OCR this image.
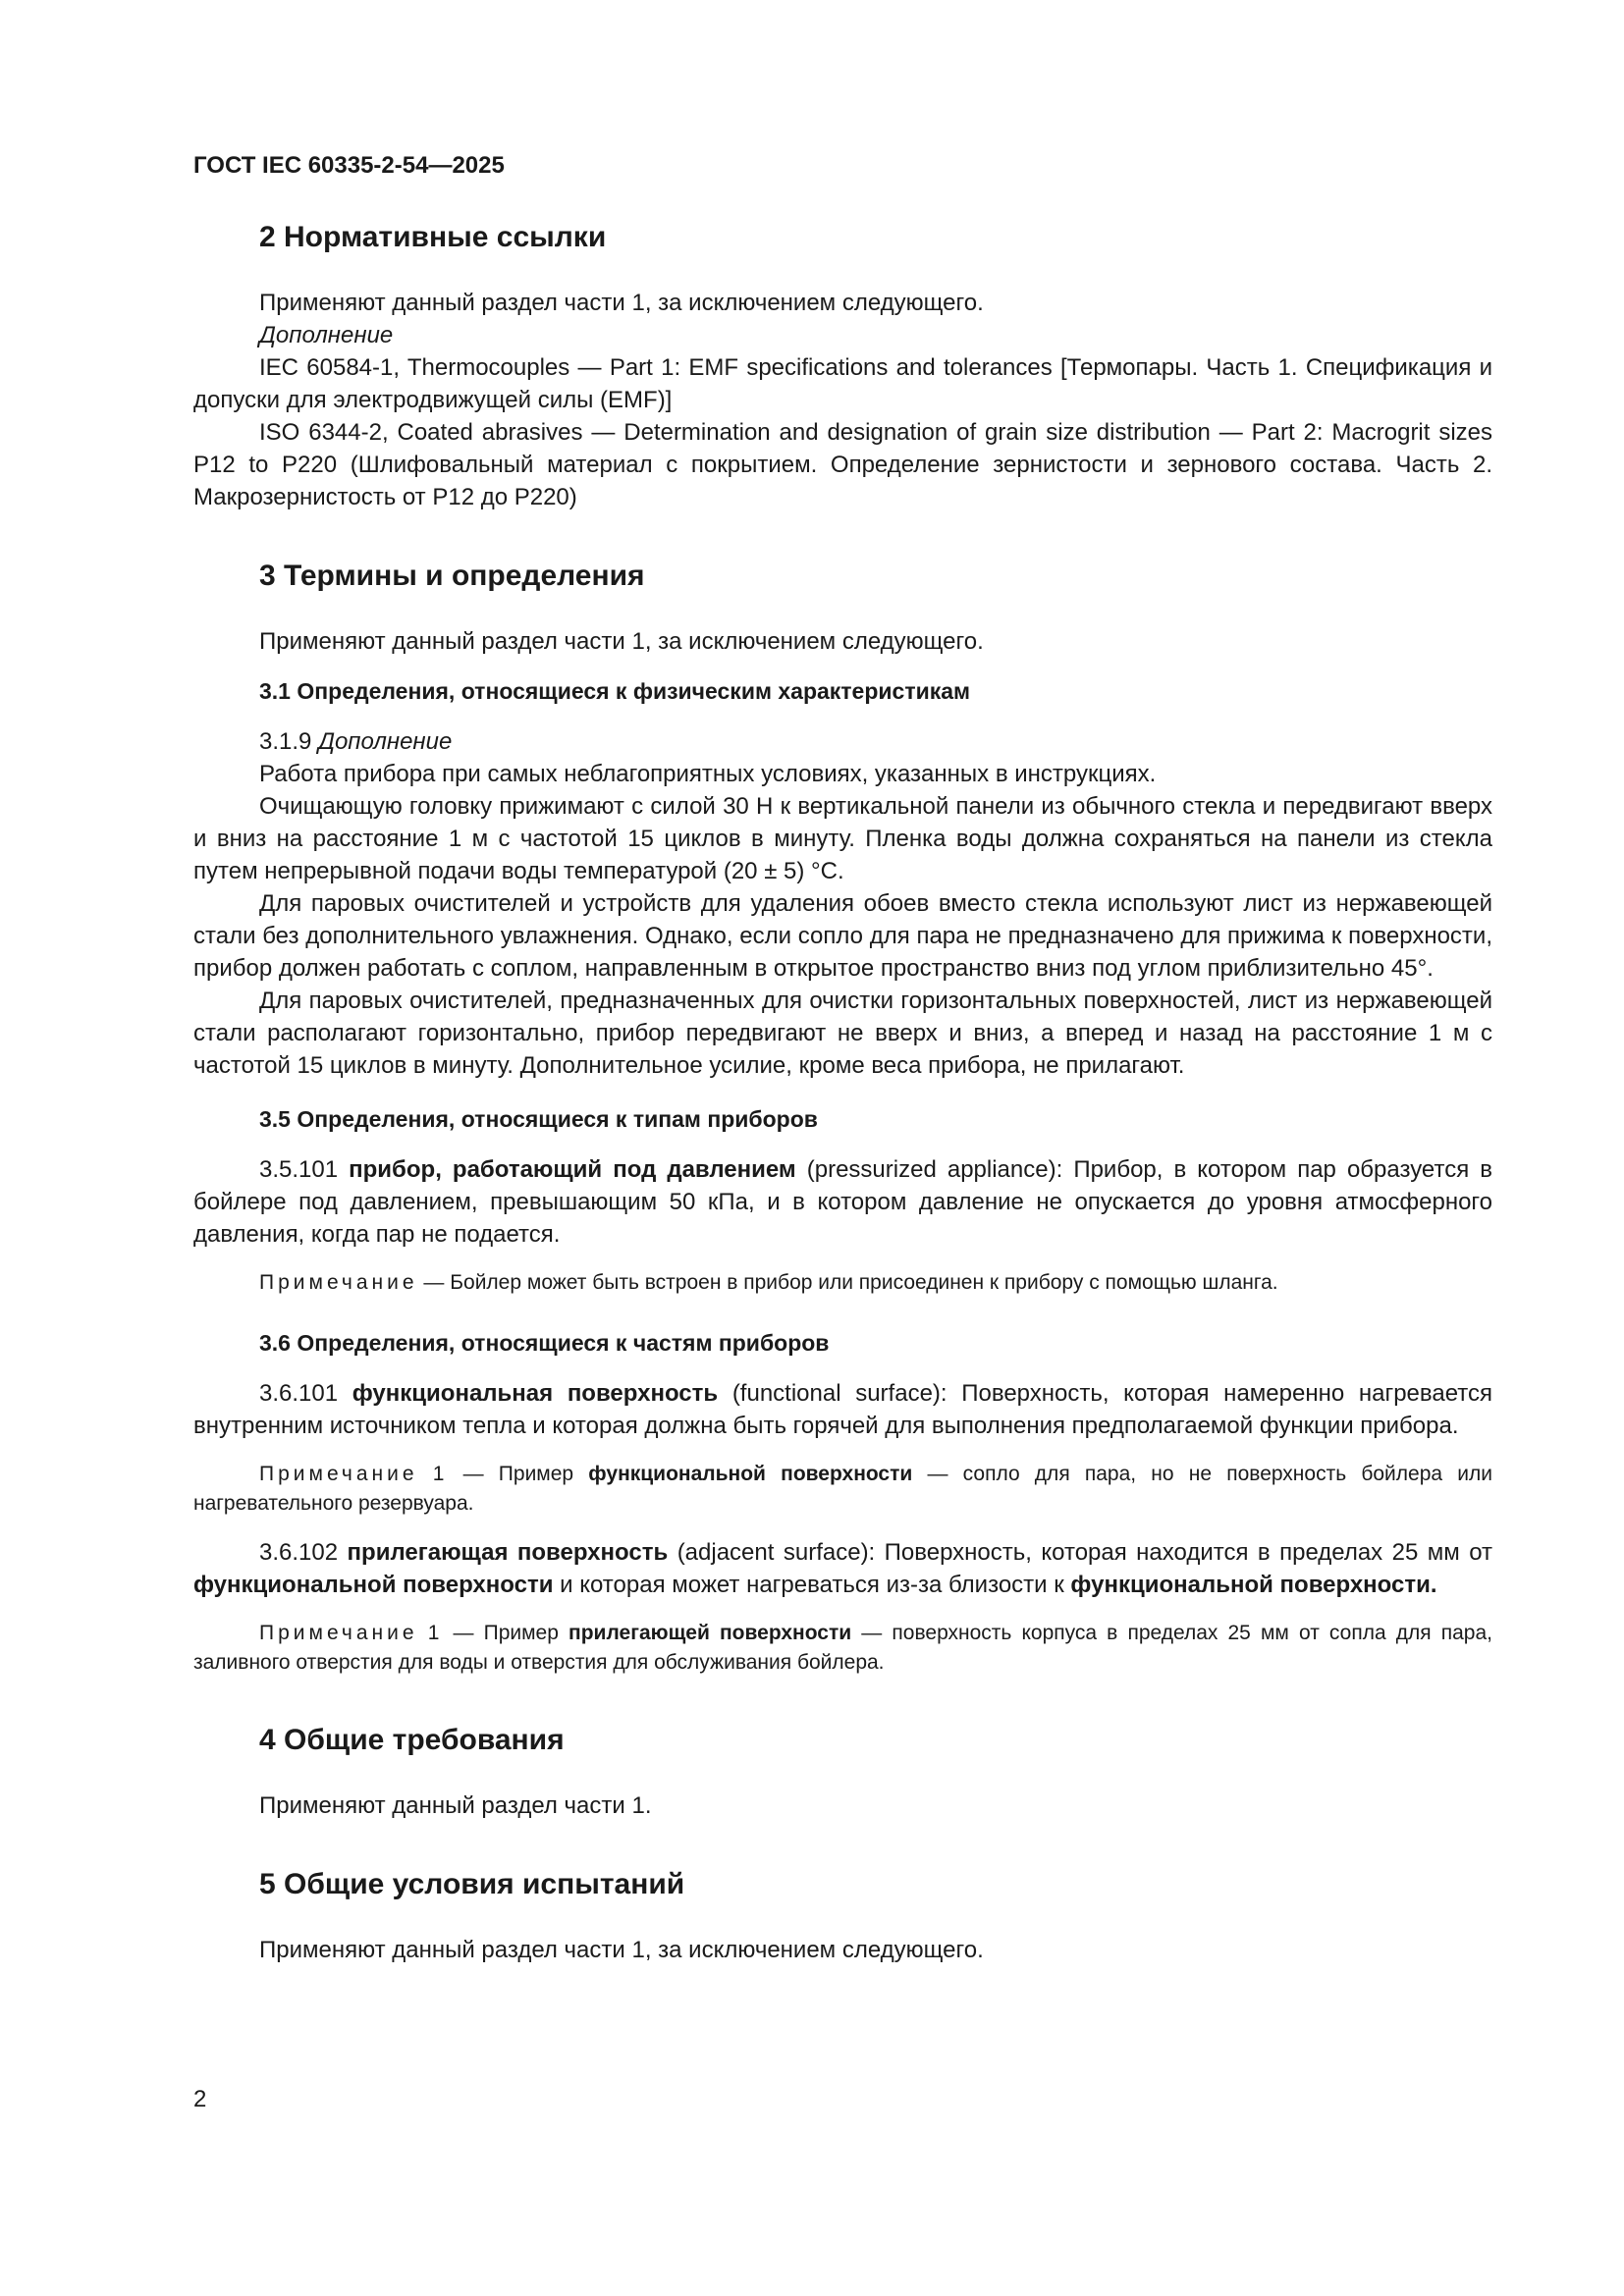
ГОСТ IEC 60335-2-54—2025
2 Нормативные ссылки

Применяют данный раздел части 1, за исключением следующего.

Дополнение

IEC 60584-1, Thermocouples — Part 1: EMF specifications and tolerances [Термопары. Часть 1. Спецификация и допуски для электродвижущей силы (EMF)]

ISO 6344-2, Coated abrasives — Determination and designation of grain size distribution — Part 2: Macrogrit sizes P12 to P220 (Шлифовальный материал с покрытием. Определение зернистости и зернового состава. Часть 2. Макрозернистость от P12 до P220)

3 Термины и определения

Применяют данный раздел части 1, за исключением следующего.

3.1 Определения, относящиеся к физическим характеристикам

3.1.9 Дополнение

Работа прибора при самых неблагоприятных условиях, указанных в инструкциях.

Очищающую головку прижимают с силой 30 Н к вертикальной панели из обычного стекла и передвигают вверх и вниз на расстояние 1 м с частотой 15 циклов в минуту. Пленка воды должна сохраняться на панели из стекла путем непрерывной подачи воды температурой (20 ± 5) °С.

Для паровых очистителей и устройств для удаления обоев вместо стекла используют лист из нержавеющей стали без дополнительного увлажнения. Однако, если сопло для пара не предназначено для прижима к поверхности, прибор должен работать с соплом, направленным в открытое пространство вниз под углом приблизительно 45°.

Для паровых очистителей, предназначенных для очистки горизонтальных поверхностей, лист из нержавеющей стали располагают горизонтально, прибор передвигают не вверх и вниз, а вперед и назад на расстояние 1 м с частотой 15 циклов в минуту. Дополнительное усилие, кроме веса прибора, не прилагают.

3.5 Определения, относящиеся к типам приборов

3.5.101 прибор, работающий под давлением (pressurized appliance): Прибор, в котором пар образуется в бойлере под давлением, превышающим 50 кПа, и в котором давление не опускается до уровня атмосферного давления, когда пар не подается.

Примечание — Бойлер может быть встроен в прибор или присоединен к прибору с помощью шланга.

3.6 Определения, относящиеся к частям приборов

3.6.101 функциональная поверхность (functional surface): Поверхность, которая намеренно нагревается внутренним источником тепла и которая должна быть горячей для выполнения предполагаемой функции прибора.

Примечание 1 — Пример функциональной поверхности — сопло для пара, но не поверхность бойлера или нагревательного резервуара.

3.6.102 прилегающая поверхность (adjacent surface): Поверхность, которая находится в пределах 25 мм от функциональной поверхности и которая может нагреваться из-за близости к функциональной поверхности.

Примечание 1 — Пример прилегающей поверхности — поверхность корпуса в пределах 25 мм от сопла для пара, заливного отверстия для воды и отверстия для обслуживания бойлера.

4 Общие требования

Применяют данный раздел части 1.

5 Общие условия испытаний

Применяют данный раздел части 1, за исключением следующего.

2
